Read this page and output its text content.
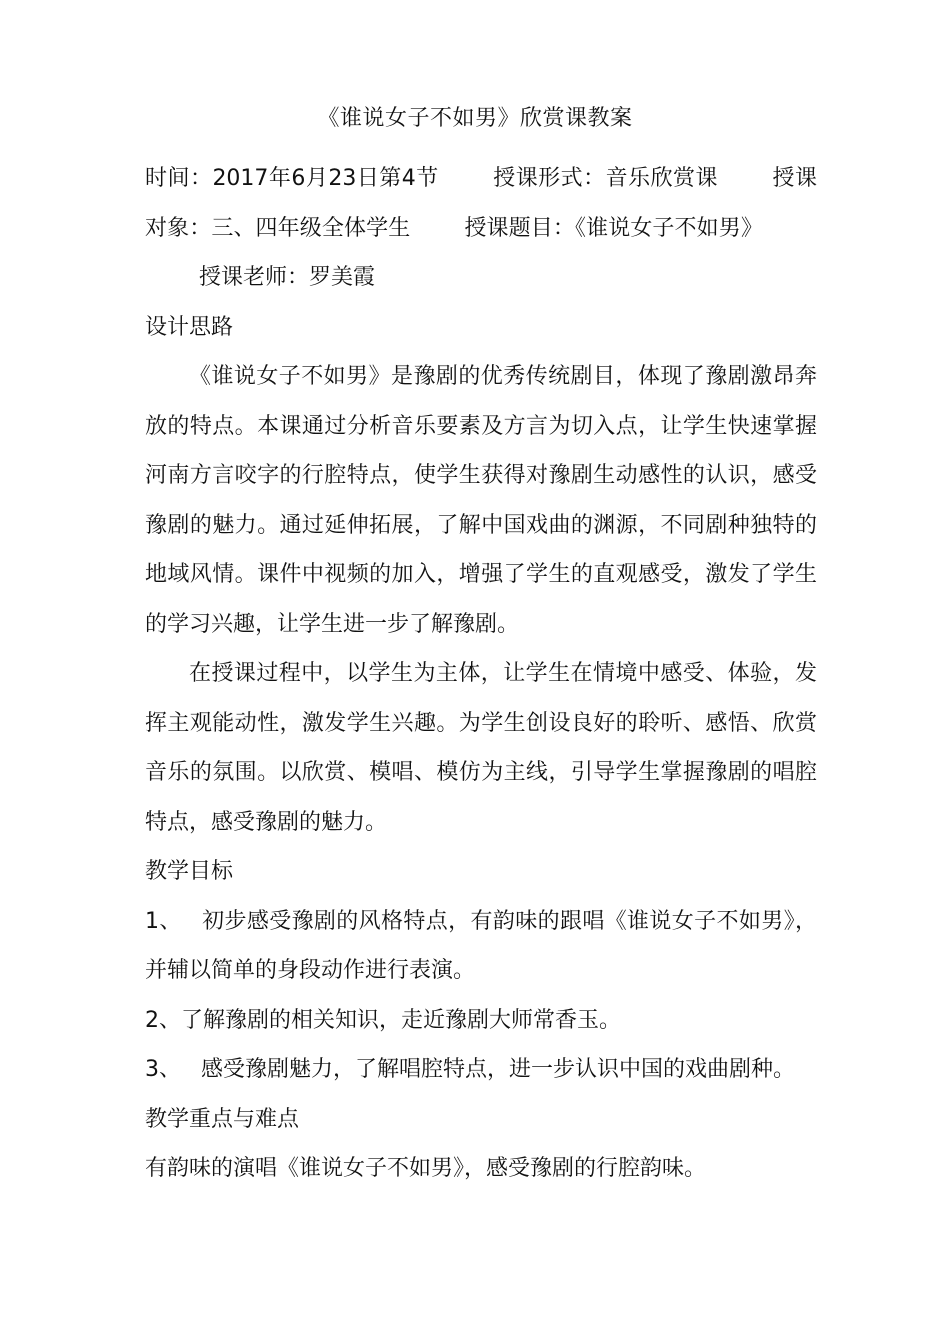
《谁说女子不如男》欣赏课教案

时间：2017年6月23日第4节 授课形式：音乐欣赏课 授课对象：三、四年级全体学生 授课题目：《谁说女子不如男》授课老师：罗美霞

设计思路

《谁说女子不如男》是豫剧的优秀传统剧目，体现了豫剧激昂奔放的特点。本课通过分析音乐要素及方言为切入点，让学生快速掌握河南方言咬字的行腔特点，使学生获得对豫剧生动感性的认识，感受豫剧的魅力。通过延伸拓展，了解中国戏曲的渊源，不同剧种独特的地域风情。课件中视频的加入，增强了学生的直观感受，激发了学生的学习兴趣，让学生进一步了解豫剧。

在授课过程中，以学生为主体，让学生在情境中感受、体验，发挥主观能动性，激发学生兴趣。为学生创设良好的聆听、感悟、欣赏音乐的氛围。以欣赏、模唱、模仿为主线，引导学生掌握豫剧的唱腔特点，感受豫剧的魅力。

教学目标

1、 初步感受豫剧的风格特点，有韵味的跟唱《谁说女子不如男》，并辅以简单的身段动作进行表演。

2、了解豫剧的相关知识，走近豫剧大师常香玉。

3、 感受豫剧魅力，了解唱腔特点，进一步认识中国的戏曲剧种。

教学重点与难点

有韵味的演唱《谁说女子不如男》，感受豫剧的行腔韵味。
